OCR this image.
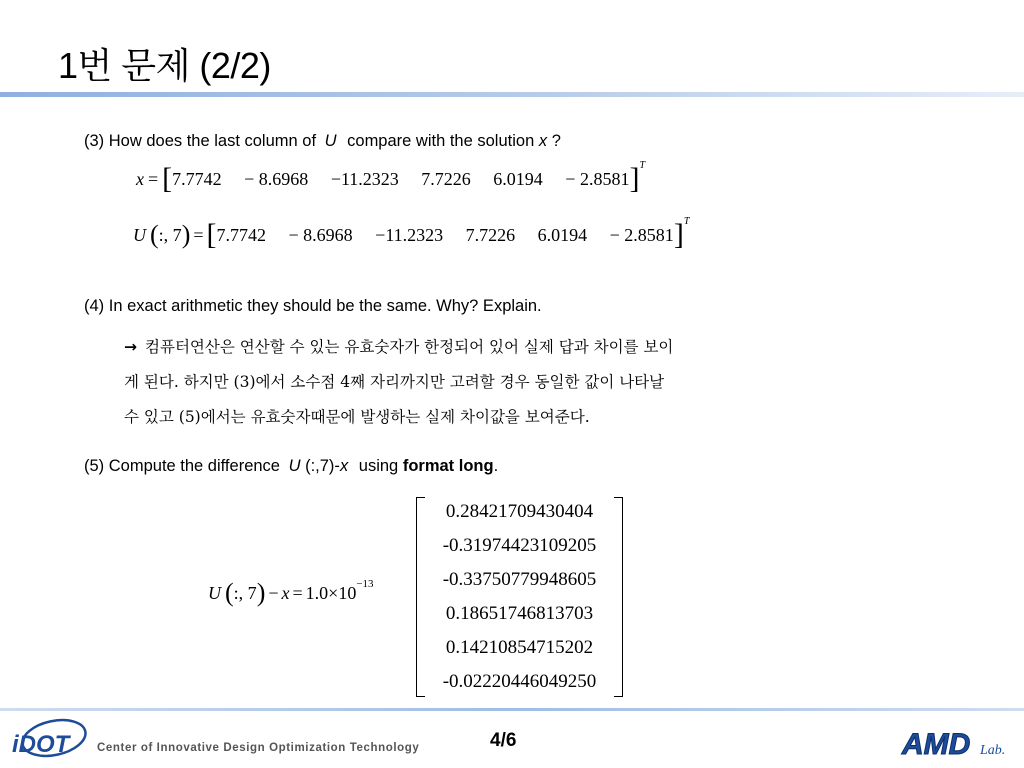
1번 문제 (2/2)
(3) How does the last column of U compare with the solution x ?
x = [ 7.7742 − 8.6968 −11.2323 7.7226 6.0194 − 2.8581 ] T
U ( :, 7 ) = [ 7.7742 − 8.6968 −11.2323 7.7226 6.0194 − 2.8581 ] T
(4) In exact arithmetic they should be the same. Why? Explain.
→ 컴퓨터연산은 연산할 수 있는 유효숫자가 한정되어 있어 실제 답과 차이를 보이
게 된다. 하지만 (3)에서 소수점 4째 자리까지만 고려할 경우 동일한 값이 나타날
수 있고 (5)에서는 유효숫자때문에 발생하는 실제 차이값을 보여준다.
(5) Compute the difference U (:,7)-x using format long.
U ( :, 7 ) − x = 1.0×10 −13
0.28421709430404
-0.31974423109205
-0.33750779948605
0.18651746813703
0.14210854715202
-0.02220446049250
iDOT Center of Innovative Design Optimization Technology	4/6	AMD Lab.
